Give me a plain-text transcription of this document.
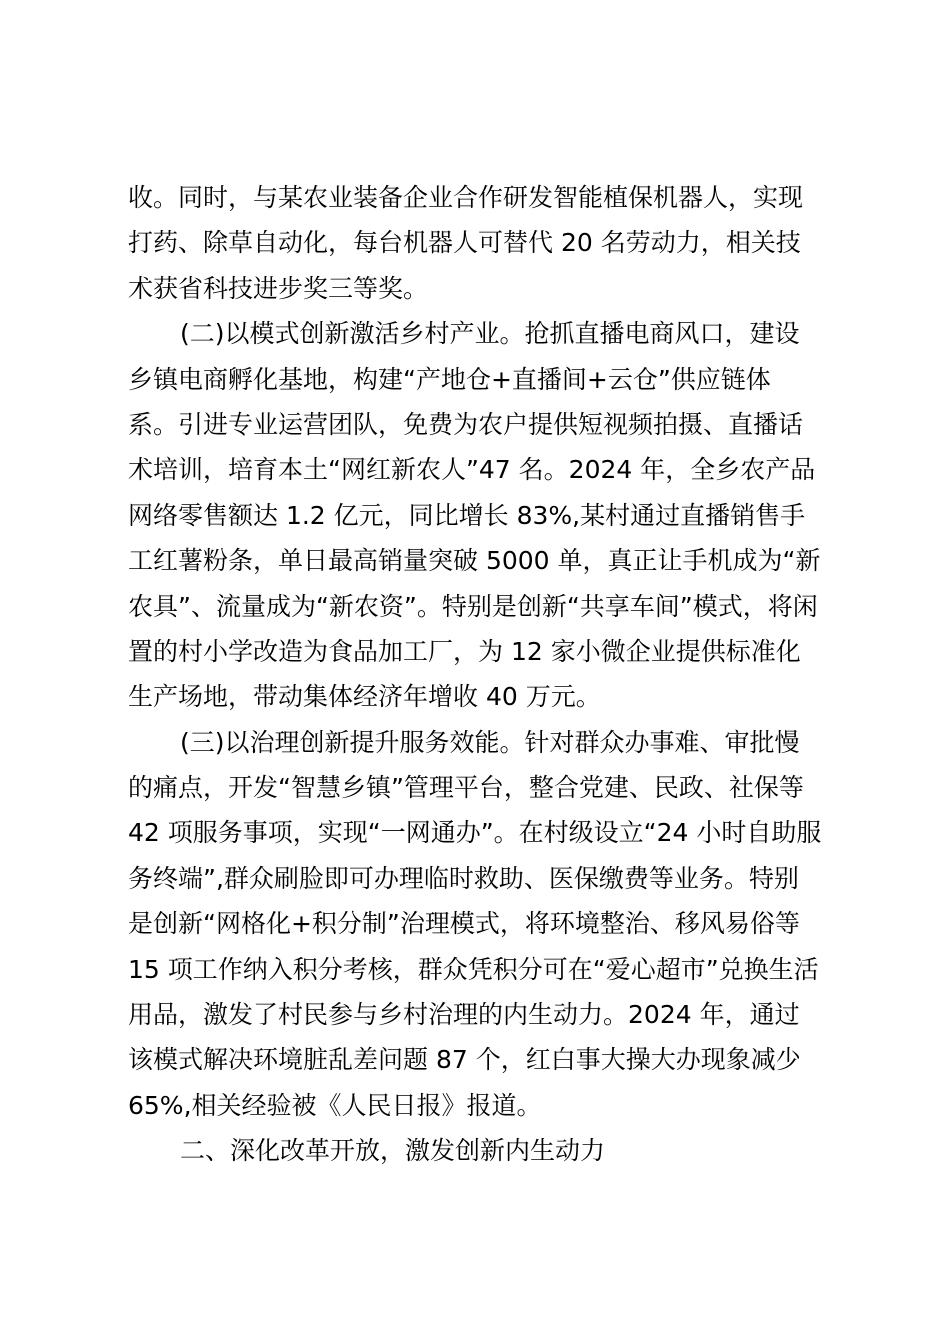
收。同时，与某农业装备企业合作研发智能植保机器人，实现
打药、除草自动化，每台机器人可替代 20 名劳动力，相关技
术获省科技进步奖三等奖。
(二)以模式创新激活乡村产业。抢抓直播电商风口，建设
乡镇电商孵化基地，构建“产地仓+直播间+云仓”供应链体
系。引进专业运营团队，免费为农户提供短视频拍摄、直播话
术培训，培育本土“网红新农人”47 名。2024 年，全乡农产品
网络零售额达 1.2 亿元，同比增长 83%,某村通过直播销售手
工红薯粉条，单日最高销量突破 5000 单，真正让手机成为“新
农具”、流量成为“新农资”。特别是创新“共享车间”模式，将闲
置的村小学改造为食品加工厂，为 12 家小微企业提供标准化
生产场地，带动集体经济年增收 40 万元。
(三)以治理创新提升服务效能。针对群众办事难、审批慢
的痛点，开发“智慧乡镇”管理平台，整合党建、民政、社保等
42 项服务事项，实现“一网通办”。在村级设立“24 小时自助服
务终端”,群众刷脸即可办理临时救助、医保缴费等业务。特别
是创新“网格化+积分制”治理模式，将环境整治、移风易俗等
15 项工作纳入积分考核，群众凭积分可在“爱心超市”兑换生活
用品，激发了村民参与乡村治理的内生动力。2024 年，通过
该模式解决环境脏乱差问题 87 个，红白事大操大办现象减少
65%,相关经验被《人民日报》报道。
二、深化改革开放，激发创新内生动力
